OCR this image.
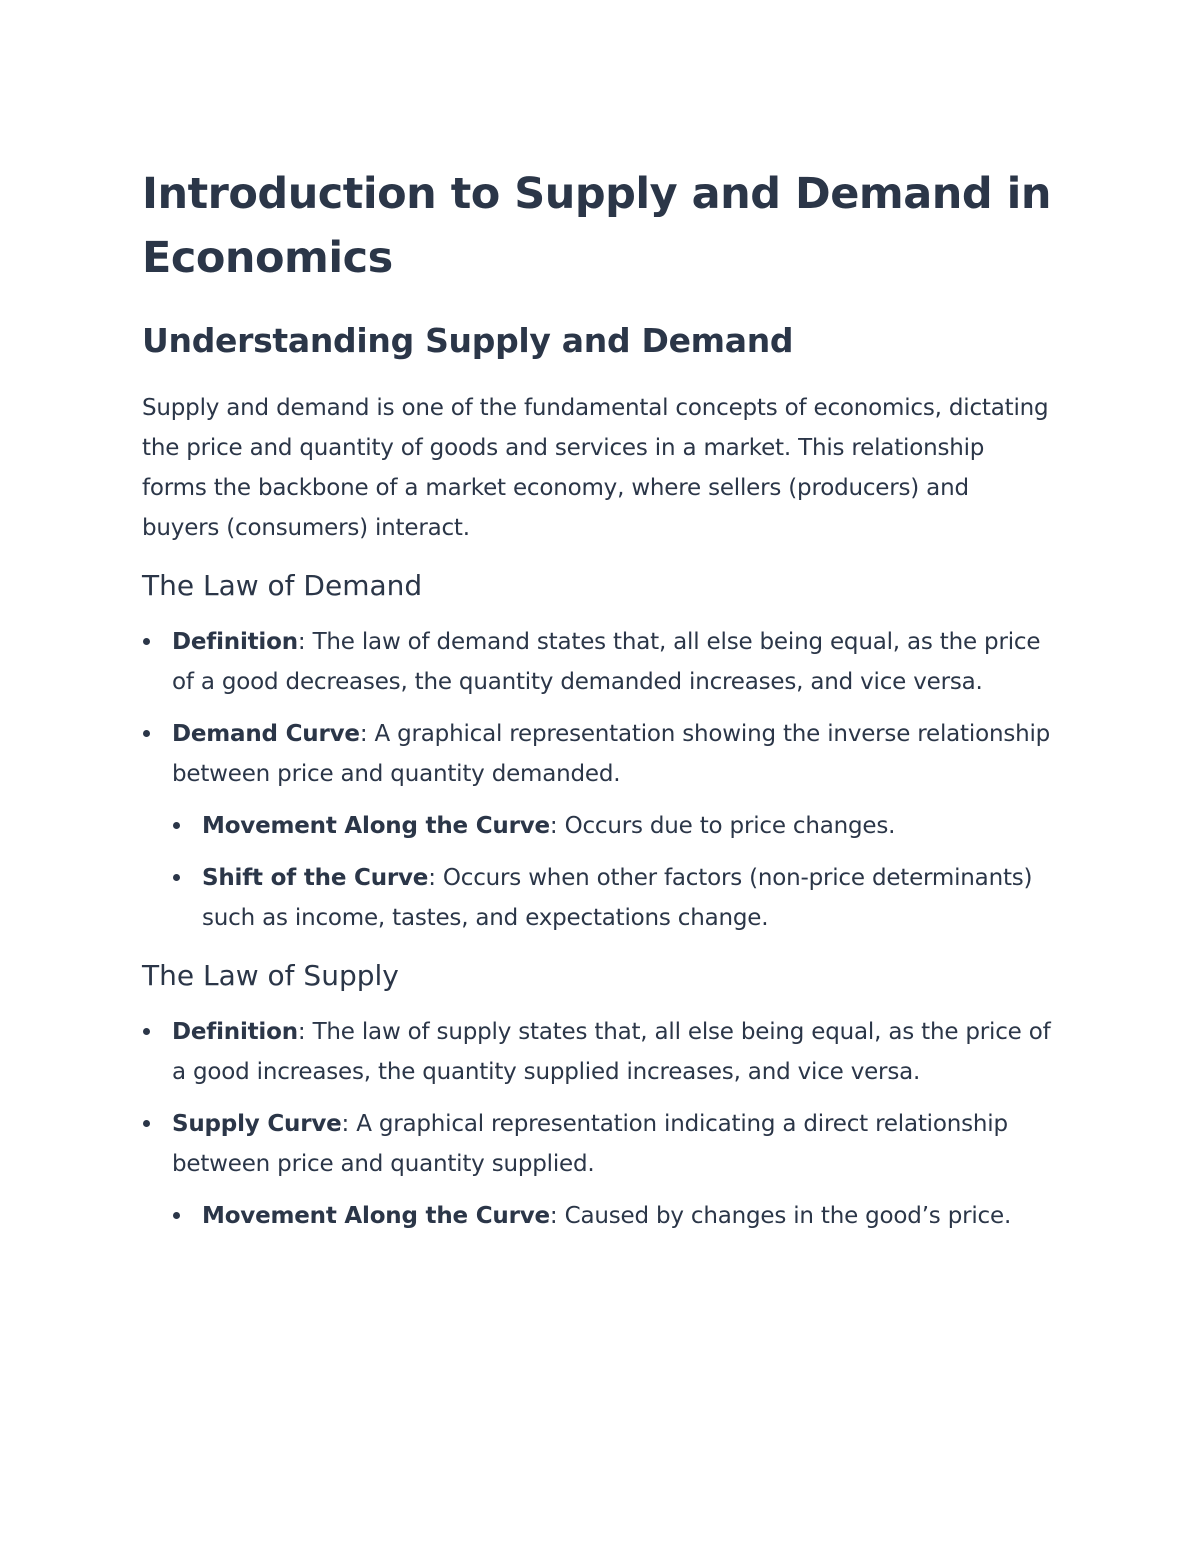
Introduction to Supply and Demand in Economics
Understanding Supply and Demand

Supply and demand is one of the fundamental concepts of economics, dictating the price and quantity of goods and services in a market. This relationship forms the backbone of a market economy, where sellers (producers) and buyers (consumers) interact.

The Law of Demand
Definition: The law of demand states that, all else being equal, as the price of a good decreases, the quantity demanded increases, and vice versa.
Demand Curve: A graphical representation showing the inverse relationship between price and quantity demanded.
Movement Along the Curve: Occurs due to price changes.
Shift of the Curve: Occurs when other factors (non-price determinants) such as income, tastes, and expectations change.
The Law of Supply
Definition: The law of supply states that, all else being equal, as the price of a good increases, the quantity supplied increases, and vice versa.
Supply Curve: A graphical representation indicating a direct relationship between price and quantity supplied.
Movement Along the Curve: Caused by changes in the good’s price.
